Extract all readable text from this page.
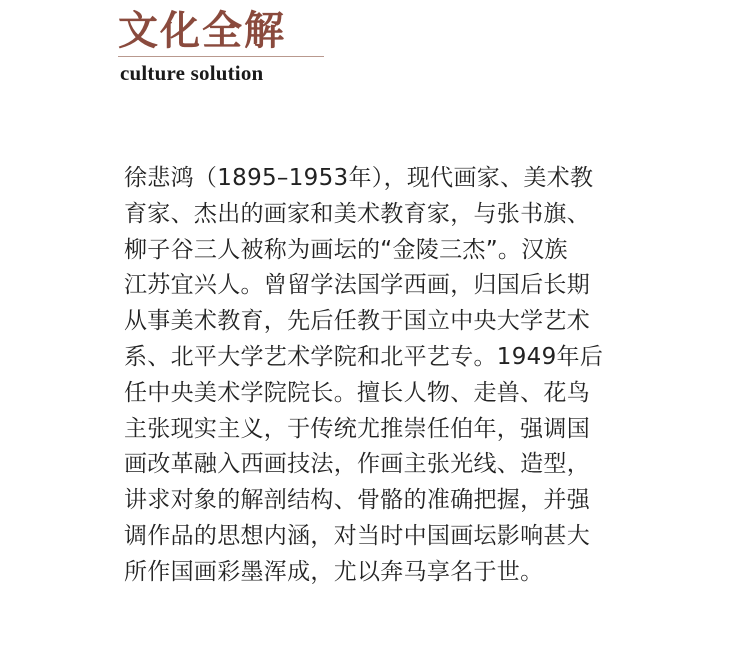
文化全解
culture solution

徐悲鸿（1895–1953年），现代画家、美术教
育家、杰出的画家和美术教育家，与张书旗、
柳子谷三人被称为画坛的“金陵三杰”。汉族
江苏宜兴人。曾留学法国学西画，归国后长期
从事美术教育，先后任教于国立中央大学艺术
系、北平大学艺术学院和北平艺专。1949年后
任中央美术学院院长。擅长人物、走兽、花鸟
主张现实主义，于传统尤推崇任伯年，强调国
画改革融入西画技法，作画主张光线、造型，
讲求对象的解剖结构、骨骼的准确把握，并强
调作品的思想内涵，对当时中国画坛影响甚大
所作国画彩墨浑成，尤以奔马享名于世。
